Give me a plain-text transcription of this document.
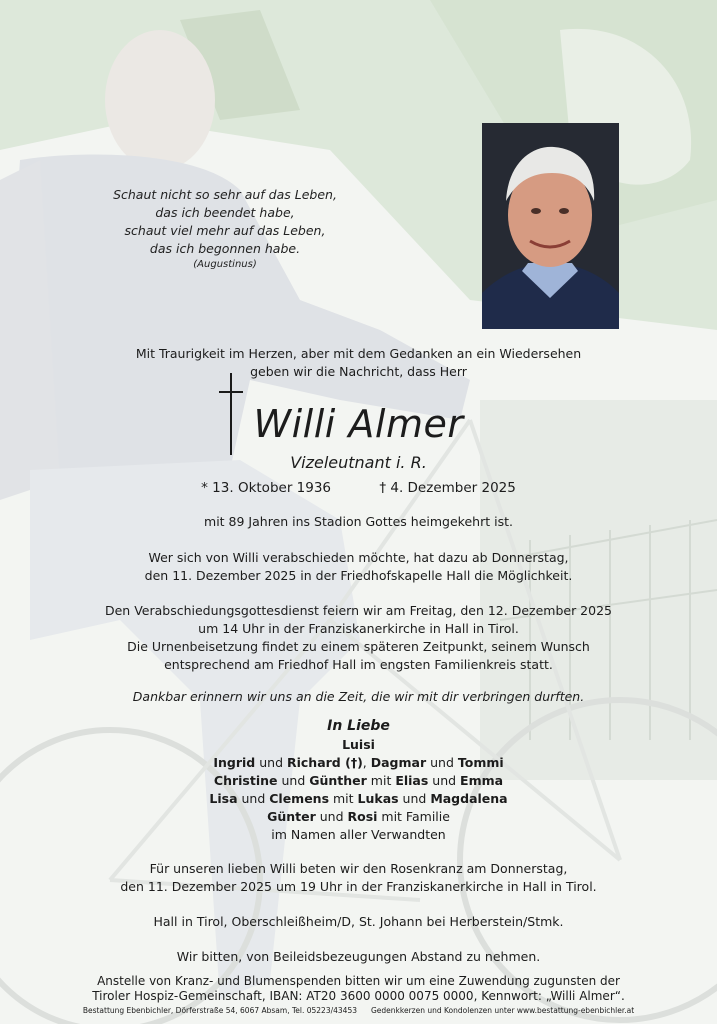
Schaut nicht so sehr auf das Leben,
das ich beendet habe,
schaut viel mehr auf das Leben,
das ich begonnen habe.
(Augustinus)
Mit Traurigkeit im Herzen, aber mit dem Gedanken an ein Wiedersehen
geben wir die Nachricht, dass Herr
Willi Almer
Vizeleutnant i. R.
* 13. Oktober 1936	† 4. Dezember 2025
mit 89 Jahren ins Stadion Gottes heimgekehrt ist.
Wer sich von Willi verabschieden möchte, hat dazu ab Donnerstag,
den 11. Dezember 2025 in der Friedhofskapelle Hall die Möglichkeit.
Den Verabschiedungsgottesdienst feiern wir am Freitag, den 12. Dezember 2025
um 14 Uhr in der Franziskanerkirche in Hall in Tirol.
Die Urnenbeisetzung findet zu einem späteren Zeitpunkt, seinem Wunsch
entsprechend am Friedhof Hall im engsten Familienkreis statt.
Dankbar erinnern wir uns an die Zeit, die wir mit dir verbringen durften.
In Liebe
Luisi
Ingrid und Richard (†), Dagmar und Tommi
Christine und Günther mit Elias und Emma
Lisa und Clemens mit Lukas und Magdalena
Günter und Rosi mit Familie
im Namen aller Verwandten
Für unseren lieben Willi beten wir den Rosenkranz am Donnerstag,
den 11. Dezember 2025 um 19 Uhr in der Franziskanerkirche in Hall in Tirol.
Hall in Tirol, Oberschleißheim/D, St. Johann bei Herberstein/Stmk.
Wir bitten, von Beileidsbezeugungen Abstand zu nehmen.
Anstelle von Kranz- und Blumenspenden bitten wir um eine Zuwendung zugunsten der
Tiroler Hospiz-Gemeinschaft, IBAN: AT20 3600 0000 0075 0000, Kennwort: „Willi Almer“.
Bestattung Ebenbichler, Dörferstraße 54, 6067 Absam, Tel. 05223/43453 Gedenkkerzen und Kondolenzen unter www.bestattung-ebenbichler.at
